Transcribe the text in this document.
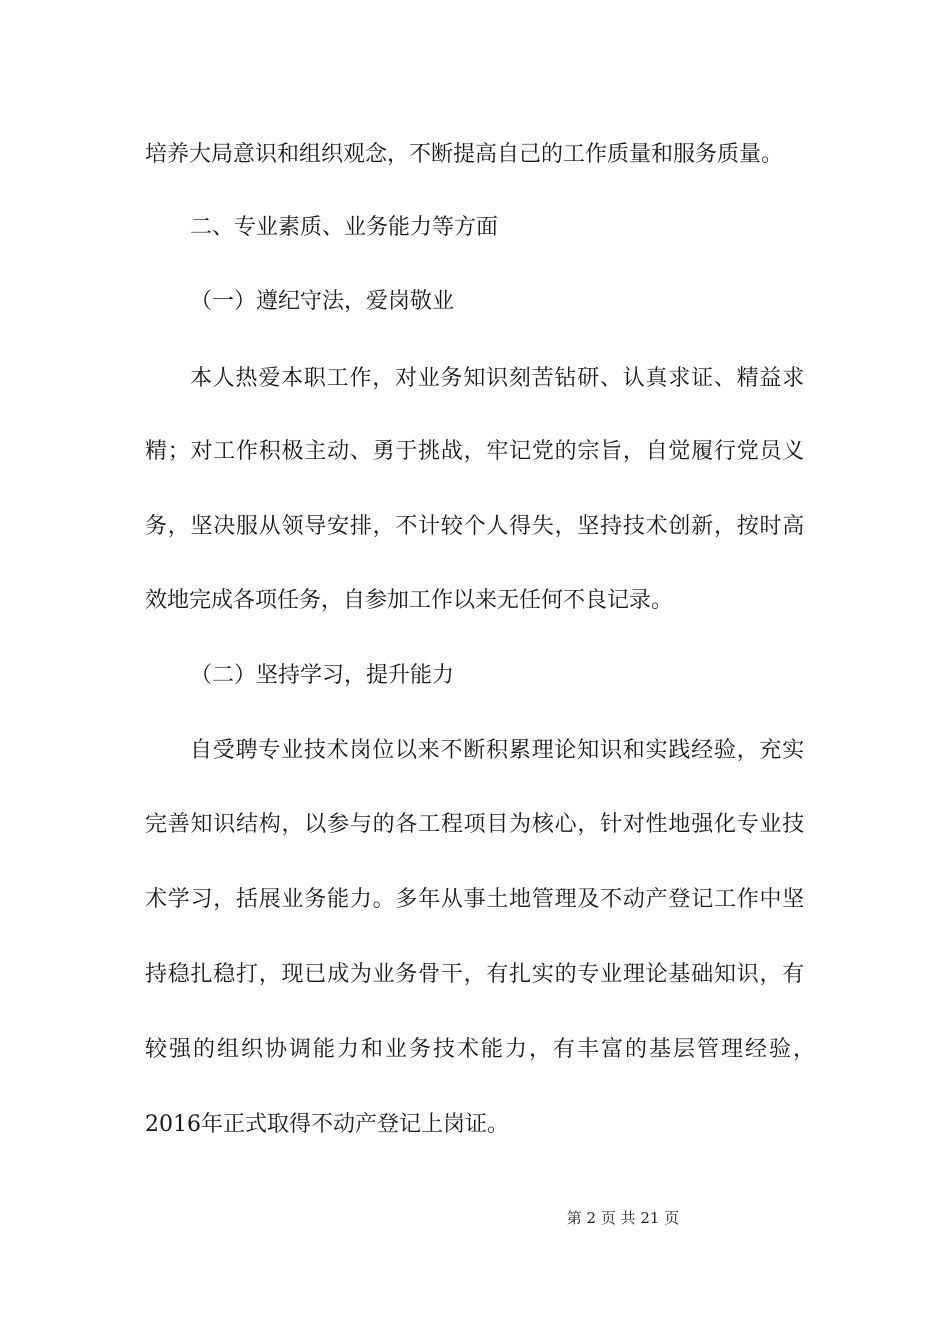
培养大局意识和组织观念，不断提高自己的工作质量和服务质量。
二、专业素质、业务能力等方面
（一）遵纪守法，爱岗敬业
本人热爱本职工作，对业务知识刻苦钻研、认真求证、精益求
精；对工作积极主动、勇于挑战，牢记党的宗旨，自觉履行党员义
务，坚决服从领导安排，不计较个人得失，坚持技术创新，按时高
效地完成各项任务，自参加工作以来无任何不良记录。
（二）坚持学习，提升能力
自受聘专业技术岗位以来不断积累理论知识和实践经验，充实
完善知识结构，以参与的各工程项目为核心，针对性地强化专业技
术学习，括展业务能力。多年从事土地管理及不动产登记工作中坚
持稳扎稳打，现已成为业务骨干，有扎实的专业理论基础知识，有
较强的组织协调能力和业务技术能力，有丰富的基层管理经验，
2016年正式取得不动产登记上岗证。
第 2 页 共 21 页
